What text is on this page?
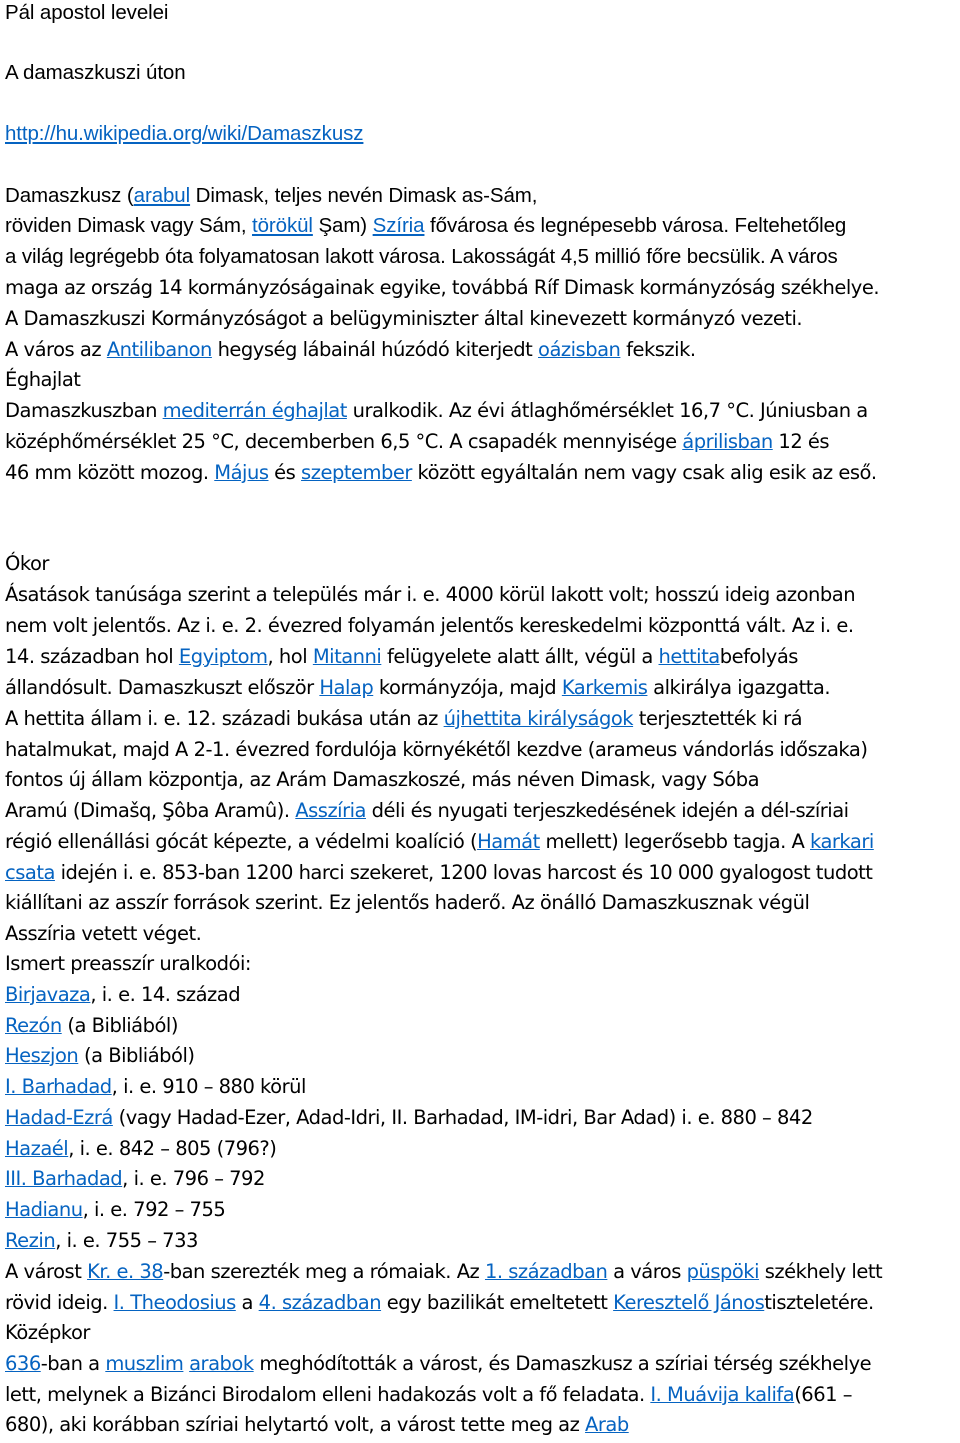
Pál apostol levelei
A damaszkuszi úton
http://hu.wikipedia.org/wiki/Damaszkusz
Damaszkusz (arabul Dimask, teljes nevén Dimask as-Sám,
röviden Dimask vagy Sám, törökül Şam) Szíria fővárosa és legnépesebb városa. Feltehetőleg
a világ legrégebb óta folyamatosan lakott városa. Lakosságát 4,5 millió főre becsülik. A város
maga az ország 14 kormányzóságainak egyike, továbbá Ríf Dimask kormányzóság székhelye.
A Damaszkuszi Kormányzóságot a belügyminiszter által kinevezett kormányzó vezeti.
A város az Antilibanon hegység lábainál húzódó kiterjedt oázisban fekszik.
Éghajlat
Damaszkuszban mediterrán éghajlat uralkodik. Az évi átlaghőmérséklet 16,7 °C. Júniusban a
középhőmérséklet 25 °C, decemberben 6,5 °C. A csapadék mennyisége áprilisban 12 és
46 mm között mozog. Május és szeptember között egyáltalán nem vagy csak alig esik az eső.
Ókor
Ásatások tanúsága szerint a település már i. e. 4000 körül lakott volt; hosszú ideig azonban
nem volt jelentős. Az i. e. 2. évezred folyamán jelentős kereskedelmi központtá vált. Az i. e.
14. században hol Egyiptom, hol Mitanni felügyelete alatt állt, végül a hettitabefolyás
állandósult. Damaszkuszt először Halap kormányzója, majd Karkemis alkirálya igazgatta.
A hettita állam i. e. 12. századi bukása után az újhettita királyságok terjesztették ki rá
hatalmukat, majd A 2-1. évezred fordulója környékétől kezdve (arameus vándorlás időszaka)
fontos új állam központja, az Arám Damaszkoszé, más néven Dimask, vagy Sóba
Aramú (Dimašq, Şôba Aramû). Asszíria déli és nyugati terjeszkedésének idején a dél-szíriai
régió ellenállási gócát képezte, a védelmi koalíció (Hamát mellett) legerősebb tagja. A karkari
csata idején i. e. 853-ban 1200 harci szekeret, 1200 lovas harcost és 10 000 gyalogost tudott
kiállítani az asszír források szerint. Ez jelentős haderő. Az önálló Damaszkusznak végül
Asszíria vetett véget.
Ismert preasszír uralkodói:
Birjavaza, i. e. 14. század
Rezón (a Bibliából)
Heszjon (a Bibliából)
I. Barhadad, i. e. 910 – 880 körül
Hadad-Ezrá (vagy Hadad-Ezer, Adad-Idri, II. Barhadad, IM-idri, Bar Adad) i. e. 880 – 842
Hazaél, i. e. 842 – 805 (796?)
III. Barhadad, i. e. 796 – 792
Hadianu, i. e. 792 – 755
Rezin, i. e. 755 – 733
A várost Kr. e. 38-ban szerezték meg a rómaiak. Az 1. században a város püspöki székhely lett
rövid ideig. I. Theodosius a 4. században egy bazilikát emeltetett Keresztelő Jánostiszteletére.
Középkor
636-ban a muszlim arabok meghódították a várost, és Damaszkusz a szíriai térség székhelye
lett, melynek a Bizánci Birodalom elleni hadakozás volt a fő feladata. I. Muávija kalifa(661 –
680), aki korábban szíriai helytartó volt, a várost tette meg az Arab
